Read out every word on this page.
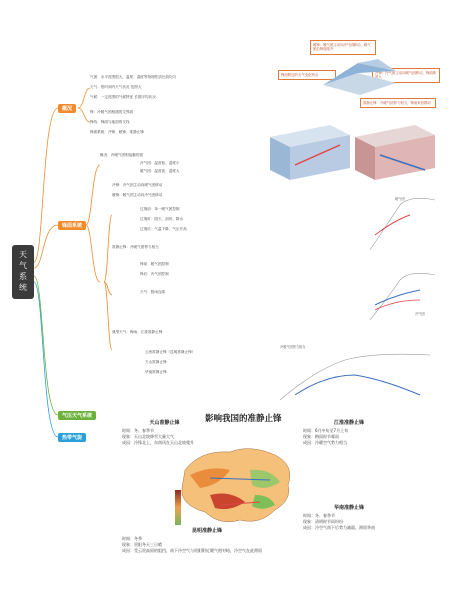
天
气
系
统
概况
锋面系统
气压天气系统
热带气旋
气团：水平范围很大，温度、湿度等物理性质比较均匀
天气：短时间内天气状况 范围大
气候：一定范围的气候特征 长期平均状况
锋：冷暖气团相遇的交界面
锋线：锋面与地面的交线
锋面系统：冷锋、暖锋、准静止锋
概况：冷暖气团相接触的面
冷气团：温度低、湿度小
暖气团：温度高、湿度大
冷锋：冷气团主动向暖气团移动
暖锋：暖气团主动向冷气团移动
过境前：单一暖气团控制
过境时：阴天、刮风、降水
过境后：气温下降、气压升高
准静止锋：冷暖气团势力相当
锋前：暖气团控制
锋后：冷气团控制
天气：阴雨连绵
典型天气：梅雨、江淮准静止锋
云贵准静止锋（昆明准静止锋）
天山准静止锋
华南准静止锋
暖锋：暖气团主动向冷气团移动，暖气团沿锋面爬升
冷锋：冷气团主动向暖气团移动，锋面坡度大
锋面附近的天气变化特点
准静止锋：冷暖气团势力相当，锋面来回摆动
暖气团
冷气团
冷暖气团势力相当
影响我国的准静止锋
天山准静止锋
时间：冬、春季节
现象：天山北坡降雪大量大气
成因：冷锋北上，东南风在天山北坡爬升
江淮准静止锋
时间：6月中旬至7月上旬
现象：梅雨时节霉雨
成因：冷暖空气势力相当
华南准静止锋
时间：冬、春季节
现象：清明时节雨纷纷
成因：冷空气南下后势力减弱，滞留华南
昆明准静止锋
时间：冬季
现象：贵阳冬天三日晴
成因：受云贵高原的阻挡，南下冷空气与贵阳附近暖气相对峙，冷空气在此滞留
